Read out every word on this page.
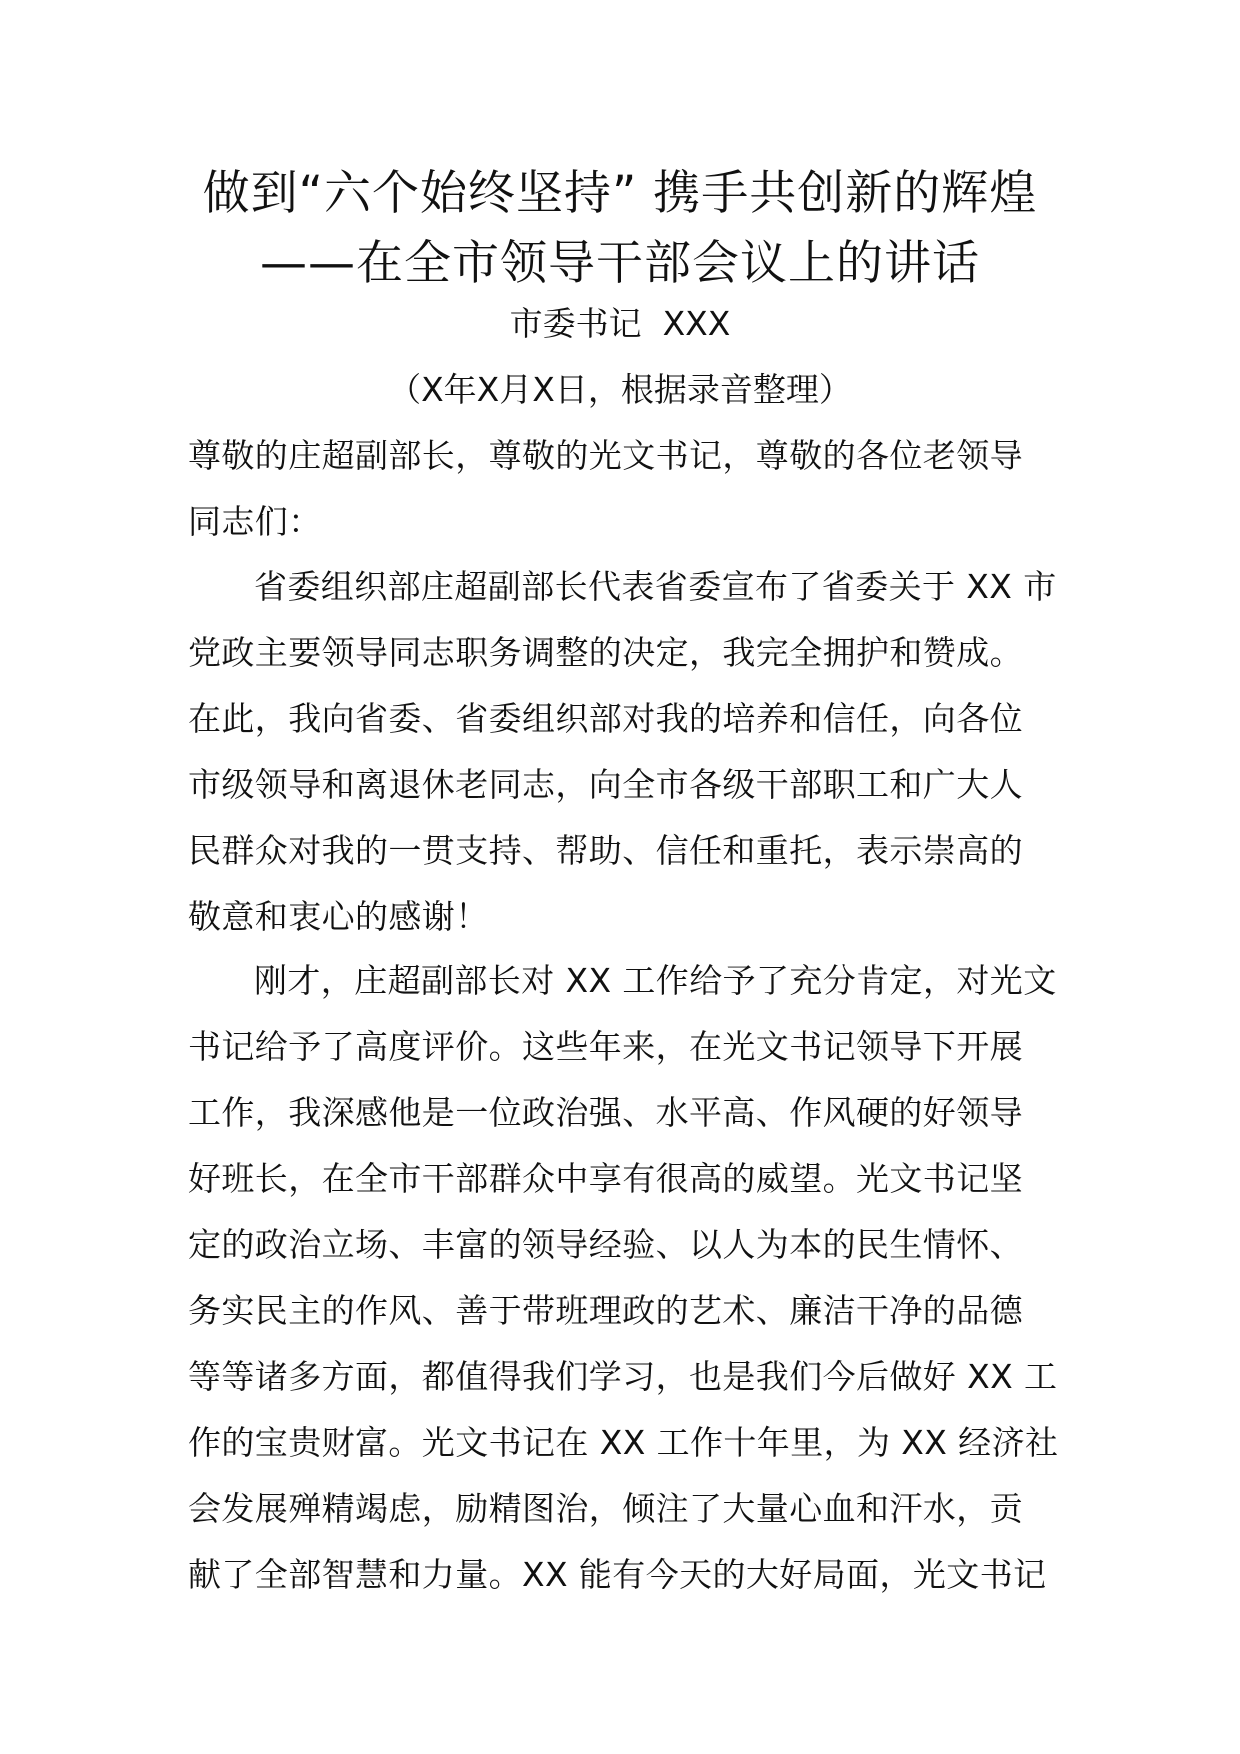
做到“六个始终坚持” 携手共创新的辉煌
——在全市领导干部会议上的讲话
市委书记  XXX
（X年X月X日，根据录音整理）
尊敬的庄超副部长，尊敬的光文书记，尊敬的各位老领导
同志们：
省委组织部庄超副部长代表省委宣布了省委关于 XX 市
党政主要领导同志职务调整的决定，我完全拥护和赞成。
在此，我向省委、省委组织部对我的培养和信任，向各位
市级领导和离退休老同志，向全市各级干部职工和广大人
民群众对我的一贯支持、帮助、信任和重托，表示崇高的
敬意和衷心的感谢！
刚才，庄超副部长对 XX 工作给予了充分肯定，对光文
书记给予了高度评价。这些年来，在光文书记领导下开展
工作，我深感他是一位政治强、水平高、作风硬的好领导
好班长，在全市干部群众中享有很高的威望。光文书记坚
定的政治立场、丰富的领导经验、以人为本的民生情怀、
务实民主的作风、善于带班理政的艺术、廉洁干净的品德
等等诸多方面，都值得我们学习，也是我们今后做好 XX 工
作的宝贵财富。光文书记在 XX 工作十年里，为 XX 经济社
会发展殚精竭虑，励精图治，倾注了大量心血和汗水，贡
献了全部智慧和力量。XX 能有今天的大好局面，光文书记
